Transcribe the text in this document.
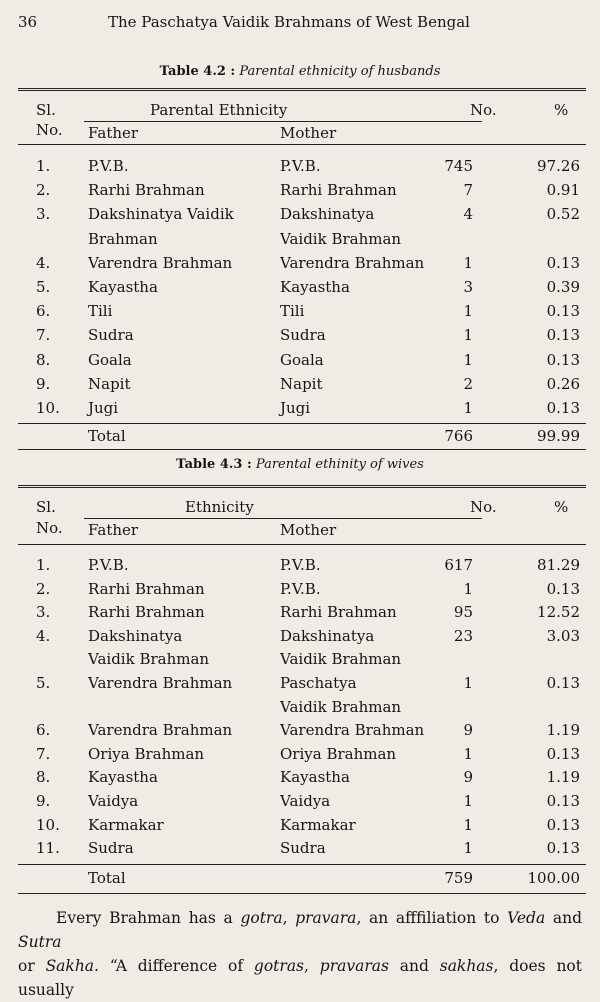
36	The Paschatya Vaidik Brahmans of West Bengal
Table 4.2 : Parental ethnicity of husbands
Sl.
No.
Parental Ethnicity
Father	Mother
No.	%
1.	P.V.B.	P.V.B.	745	97.26
2.	Rarhi Brahman	Rarhi Brahman	7	0.91
3.	Dakshinatya Vaidik	Dakshinatya	4	0.52
Brahman	Vaidik Brahman
4.	Varendra Brahman	Varendra Brahman	1	0.13
5.	Kayastha	Kayastha	3	0.39
6.	Tili	Tili	1	0.13
7.	Sudra	Sudra	1	0.13
8.	Goala	Goala	1	0.13
9.	Napit	Napit	2	0.26
10.	Jugi	Jugi	1	0.13
Total	766	99.99
Table 4.3 : Parental ethinity of wives
Sl.
No.
Ethnicity
Father	Mother
No.	%
1.	P.V.B.	P.V.B.	617	81.29
2.	Rarhi Brahman	P.V.B.	1	0.13
3.	Rarhi Brahman	Rarhi Brahman	95	12.52
4.	Dakshinatya	Dakshinatya	23	3.03
Vaidik Brahman	Vaidik Brahman
5.	Varendra Brahman	Paschatya	1	0.13
Vaidik Brahman
6.	Varendra Brahman	Varendra Brahman	9	1.19
7.	Oriya Brahman	Oriya Brahman	1	0.13
8.	Kayastha	Kayastha	9	1.19
9.	Vaidya	Vaidya	1	0.13
10.	Karmakar	Karmakar	1	0.13
11.	Sudra	Sudra	1	0.13
Total	759	100.00
Every Brahman has a gotra, pravara, an afffiliation to Veda and Sutra
or Sakha. “A difference of gotras, pravaras and sakhas, does not usually
